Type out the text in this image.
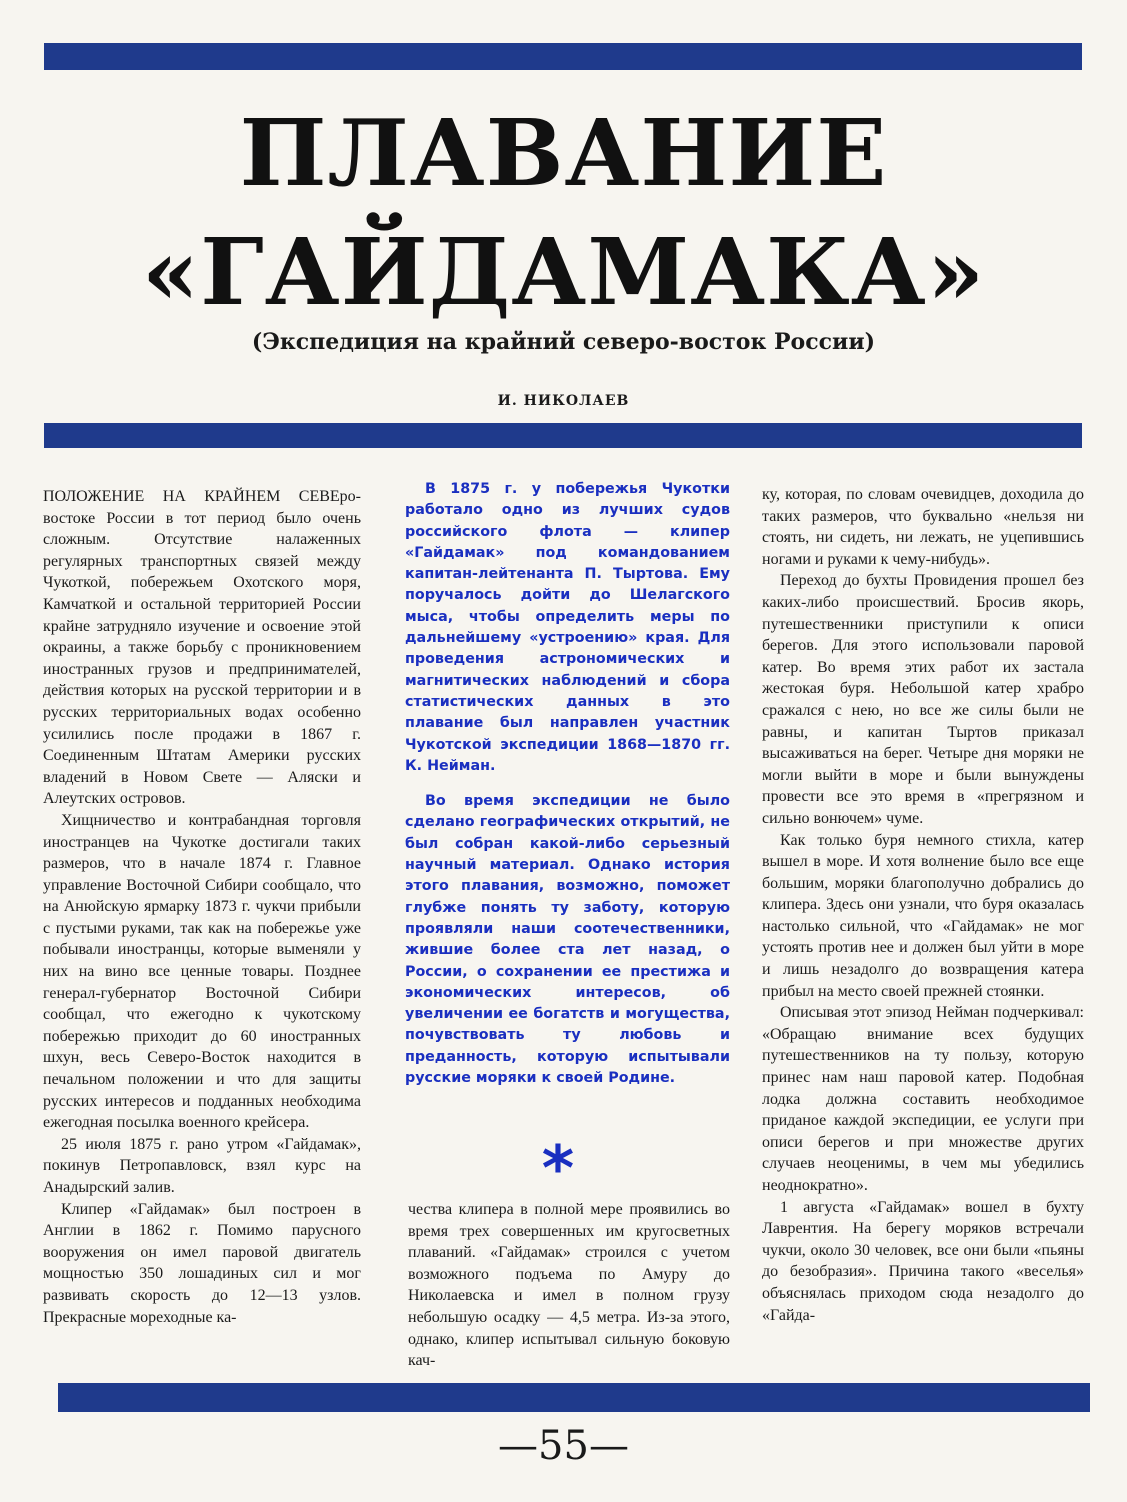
ПЛАВАНИЕ
«ГАЙДАМАКА»
(Экспедиция на крайний северо-восток России)
И. НИКОЛАЕВ

ПОЛОЖЕНИЕ НА КРАЙНЕМ СЕВЕро-востоке России в тот период было очень сложным. Отсутствие налаженных регулярных транспортных связей между Чукоткой, побережьем Охотского моря, Камчаткой и остальной территорией России крайне затрудняло изучение и освоение этой окраины, а также борьбу с проникновением иностранных грузов и предпринимателей, действия которых на русской территории и в русских территориальных водах особенно усилились после продажи в 1867 г. Соединенным Штатам Америки русских владений в Новом Свете — Аляски и Алеутских островов.

Хищничество и контрабандная торговля иностранцев на Чукотке достигали таких размеров, что в начале 1874 г. Главное управление Восточной Сибири сообщало, что на Анюйскую ярмарку 1873 г. чукчи прибыли с пустыми руками, так как на побережье уже побывали иностранцы, которые выменяли у них на вино все ценные товары. Позднее генерал-губернатор Восточной Сибири сообщал, что ежегодно к чукотскому побережью приходит до 60 иностранных шхун, весь Северо-Восток находится в печальном положении и что для защиты русских интересов и подданных необходима ежегодная посылка военного крейсера.

25 июля 1875 г. рано утром «Гайдамак», покинув Петропавловск, взял курс на Анадырский залив.

Клипер «Гайдамак» был построен в Англии в 1862 г. Помимо парусного вооружения он имел паровой двигатель мощностью 350 лошадиных сил и мог развивать скорость до 12—13 узлов. Прекрасные мореходные ка-

В 1875 г. у побережья Чукотки работало одно из лучших судов российского флота — клипер «Гайдамак» под командованием капитан-лейтенанта П. Тыртова. Ему поручалось дойти до Шелагского мыса, чтобы определить меры по дальнейшему «устроению» края. Для проведения астрономических и магнитических наблюдений и сбора статистических данных в это плавание был направлен участник Чукотской экспедиции 1868—1870 гг. К. Нейман.

Во время экспедиции не было сделано географических открытий, не был собран какой-либо серьезный научный материал. Однако история этого плавания, возможно, поможет глубже понять ту заботу, которую проявляли наши соотечественники, жившие более ста лет назад, о России, о сохранении ее престижа и экономических интересов, об увеличении ее богатств и могущества, почувствовать ту любовь и преданность, которую испытывали русские моряки к своей Родине.

*

чества клипера в полной мере проявились во время трех совершенных им кругосветных плаваний. «Гайдамак» строился с учетом возможного подъема по Амуру до Николаевска и имел в полном грузу небольшую осадку — 4,5 метра. Из-за этого, однако, клипер испытывал сильную боковую кач-

ку, которая, по словам очевидцев, доходила до таких размеров, что буквально «нельзя ни стоять, ни сидеть, ни лежать, не уцепившись ногами и руками к чему-нибудь».

Переход до бухты Провидения прошел без каких-либо происшествий. Бросив якорь, путешественники приступили к описи берегов. Для этого использовали паровой катер. Во время этих работ их застала жестокая буря. Небольшой катер храбро сражался с нею, но все же силы были не равны, и капитан Тыртов приказал высаживаться на берег. Четыре дня моряки не могли выйти в море и были вынуждены провести все это время в «прегрязном и сильно вонючем» чуме.

Как только буря немного стихла, катер вышел в море. И хотя волнение было все еще большим, моряки благополучно добрались до клипера. Здесь они узнали, что буря оказалась настолько сильной, что «Гайдамак» не мог устоять против нее и должен был уйти в море и лишь незадолго до возвращения катера прибыл на место своей прежней стоянки.

Описывая этот эпизод Нейман подчеркивал: «Обращаю внимание всех будущих путешественников на ту пользу, которую принес нам наш паровой катер. Подобная лодка должна составить необходимое приданое каждой экспедиции, ее услуги при описи берегов и при множестве других случаев неоценимы, в чем мы убедились неоднократно».

1 августа «Гайдамак» вошел в бухту Лаврентия. На берегу моряков встречали чукчи, около 30 человек, все они были «пьяны до безобразия». Причина такого «веселья» объяснялась приходом сюда незадолго до «Гайда-

—55—
